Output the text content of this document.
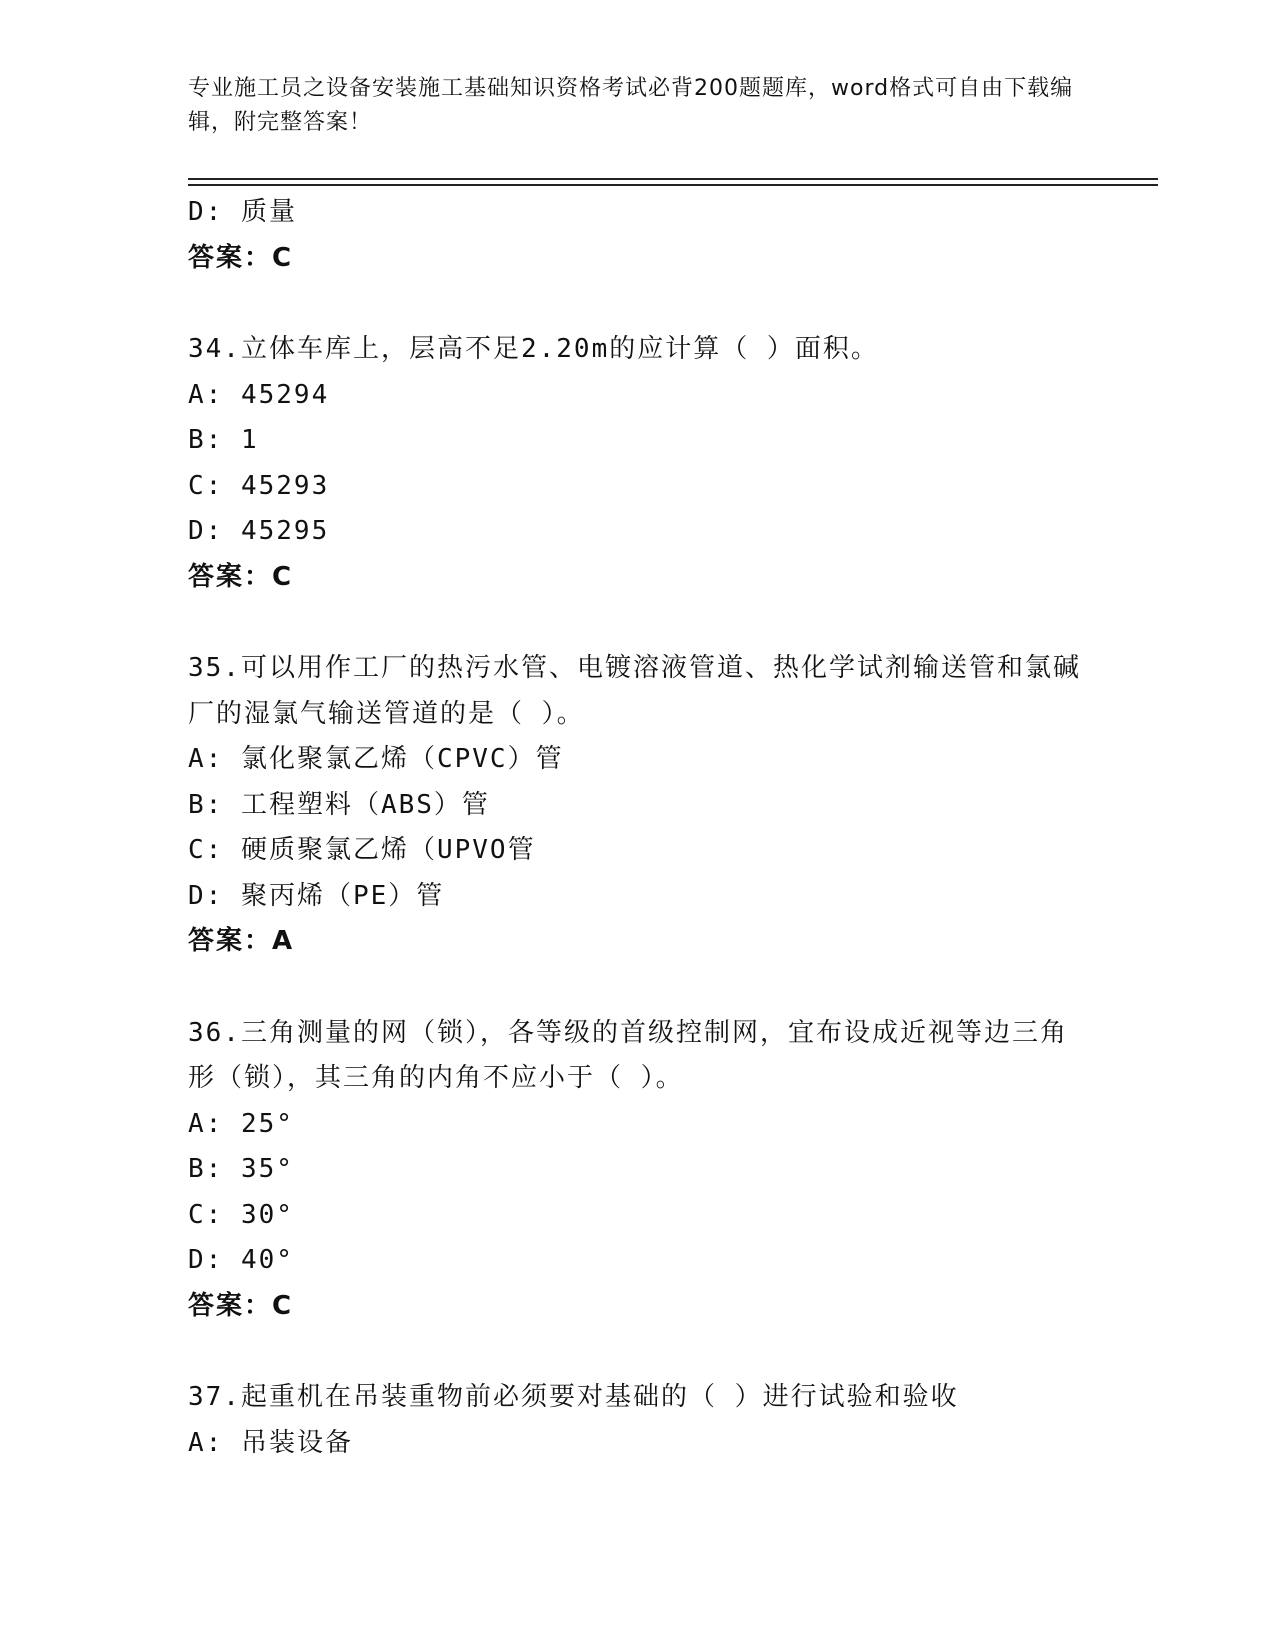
专业施工员之设备安装施工基础知识资格考试必背200题题库，word格式可自由下载编辑，附完整答案！
D: 质量
答案：C
34.立体车库上，层高不足2.20m的应计算（ ）面积。
A: 45294
B: 1
C: 45293
D: 45295
答案：C
35.可以用作工厂的热污水管、电镀溶液管道、热化学试剂输送管和氯碱厂的湿氯气输送管道的是（ ）。
A: 氯化聚氯乙烯（CPVC）管
B: 工程塑料（ABS）管
C: 硬质聚氯乙烯（UPVO管
D: 聚丙烯（PE）管
答案：A
36.三角测量的网（锁），各等级的首级控制网，宜布设成近视等边三角形（锁），其三角的内角不应小于（ ）。
A: 25°
B: 35°
C: 30°
D: 40°
答案：C
37.起重机在吊装重物前必须要对基础的（ ）进行试验和验收
A: 吊装设备
